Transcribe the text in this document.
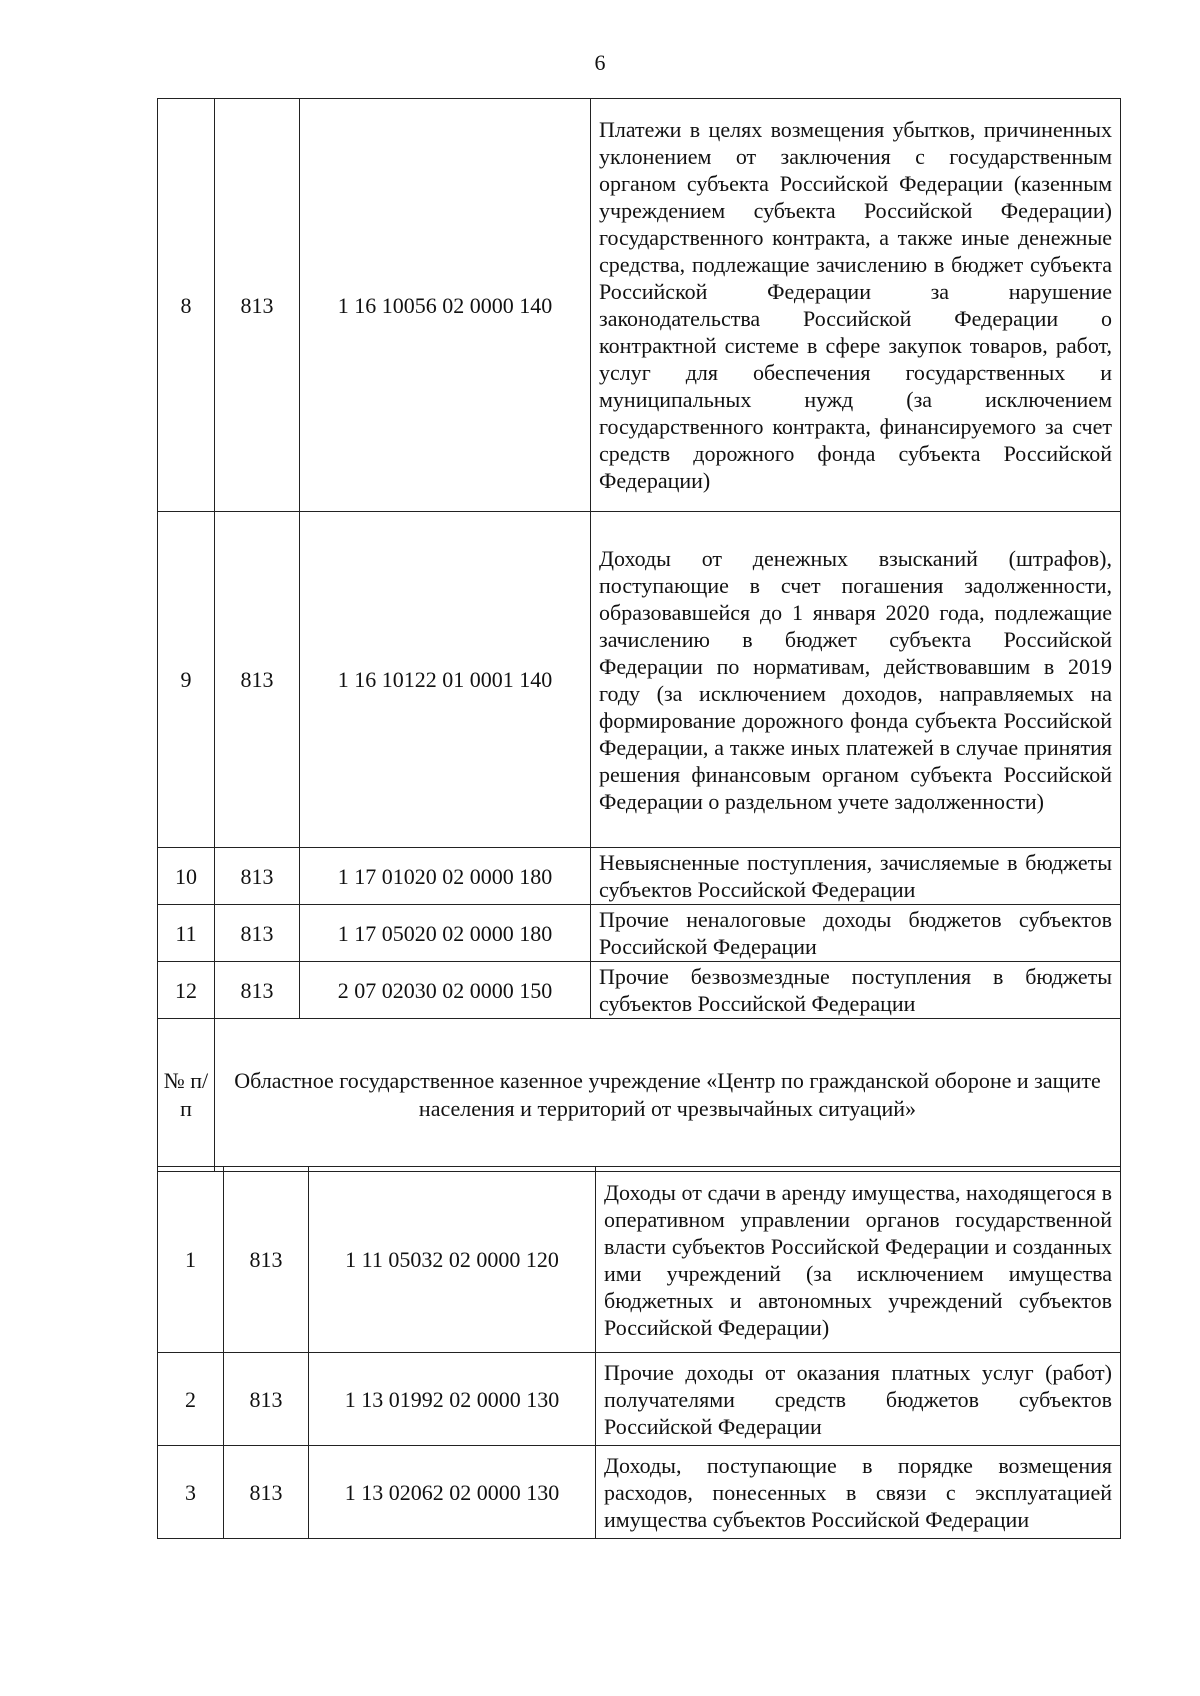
6
8	813	1 16 10056 02 0000 140	Платежи в целях возмещения убытков, причиненных уклонением от заключения с государственным органом субъекта Российской Федерации (казенным учреждением субъекта Российской Федерации) государственного контракта, а также иные денежные средства, подлежащие зачислению в бюджет субъекта Российской Федерации за нарушение законодательства Российской Федерации о контрактной системе в сфере закупок товаров, работ, услуг для обеспечения государственных и муниципальных нужд (за исключением государственного контракта, финансируемого за счет средств дорожного фонда субъекта Российской Федерации)
9	813	1 16 10122 01 0001 140	Доходы от денежных взысканий (штрафов), поступающие в счет погашения задолженности, образовавшейся до 1 января 2020 года, подлежащие зачислению в бюджет субъекта Российской Федерации по нормативам, действовавшим в 2019 году (за исключением доходов, направляемых на формирование дорожного фонда субъекта Российской Федерации, а также иных платежей в случае принятия решения финансовым органом субъекта Российской Федерации о раздельном учете задолженности)
10	813	1 17 01020 02 0000 180	Невыясненные поступления, зачисляемые в бюджеты субъектов Российской Федерации
11	813	1 17 05020 02 0000 180	Прочие неналоговые доходы бюджетов субъектов Российской Федерации
12	813	2 07 02030 02 0000 150	Прочие безвозмездные поступления в бюджеты субъектов Российской Федерации
№ п/п	Областное государственное казенное учреждение «Центр по гражданской обороне и защите населения и территорий от чрезвычайных ситуаций»		
1	813	1 11 05032 02 0000 120	Доходы от сдачи в аренду имущества, находящегося в оперативном управлении органов государственной власти субъектов Российской Федерации и созданных ими учреждений (за исключением имущества бюджетных и автономных учреждений субъектов Российской Федерации)
2	813	1 13 01992 02 0000 130	Прочие доходы от оказания платных услуг (работ) получателями средств бюджетов субъектов Российской Федерации
3	813	1 13 02062 02 0000 130	Доходы, поступающие в порядке возмещения расходов, понесенных в связи с эксплуатацией имущества субъектов Российской Федерации
